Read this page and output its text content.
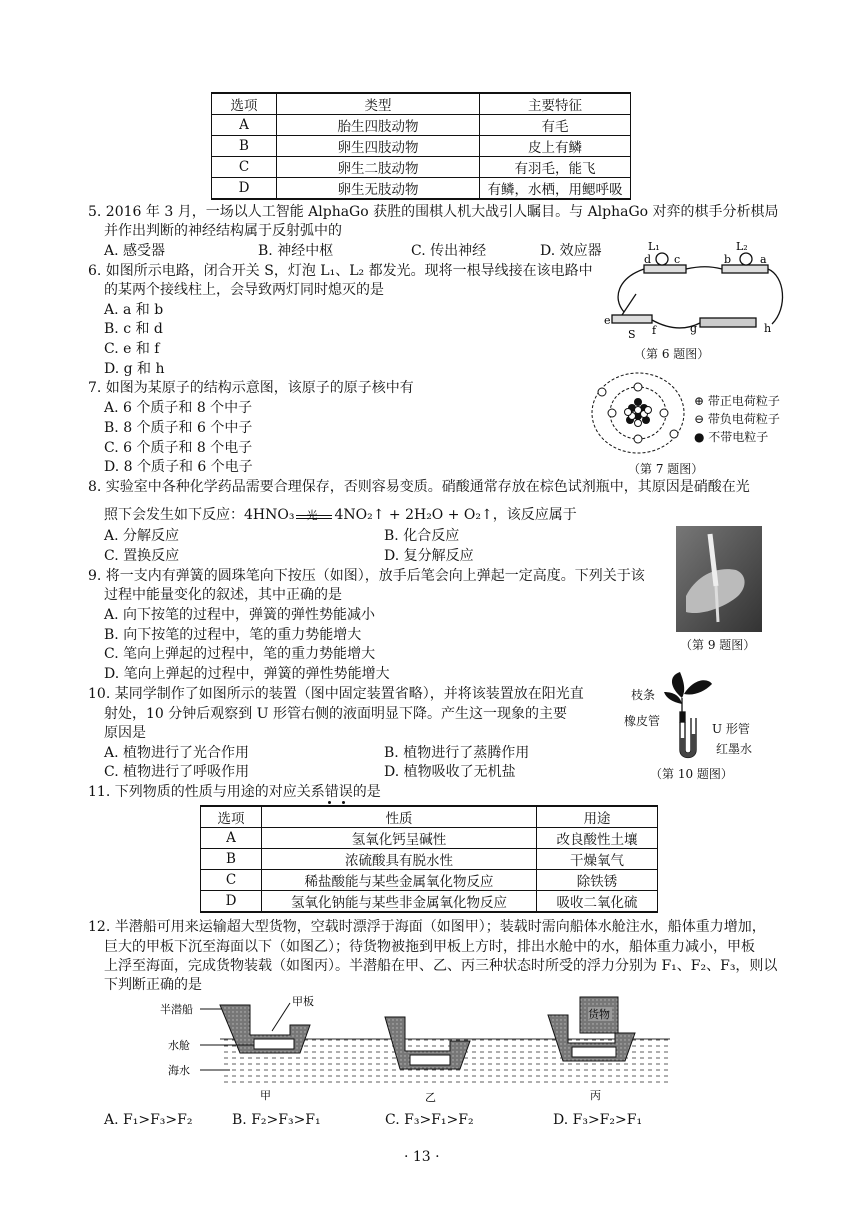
选项	类型	主要特征
A	胎生四肢动物	有毛
B	卵生四肢动物	皮上有鳞
C	卵生二肢动物	有羽毛，能飞
D	卵生无肢动物	有鳞，水栖，用鳃呼吸
5. 2016 年 3 月，一场以人工智能 AlphaGo 获胜的围棋人机大战引人瞩目。与 AlphaGo 对弈的棋手分析棋局
并作出判断的神经结构属于反射弧中的
A. 感受器	B. 神经中枢	C. 传出神经	D. 效应器
6. 如图所示电路，闭合开关 S，灯泡 L₁、L₂ 都发光。现将一根导线接在该电路中
的某两个接线柱上，会导致两灯同时熄灭的是
A. a 和 b
B. c 和 d
C. e 和 f
D. g 和 h
L₁	L₂
d c	b	a
e
f	g	h
S
（第 6 题图）
7. 如图为某原子的结构示意图，该原子的原子核中有
A. 6 个质子和 8 个中子
B. 8 个质子和 6 个中子
C. 6 个质子和 8 个电子
D. 8 个质子和 6 个电子
⊕ 带正电荷粒子
⊖ 带负电荷粒子
● 不带电粒子
（第 7 题图）
8. 实验室中各种化学药品需要合理保存，否则容易变质。硝酸通常存放在棕色试剂瓶中，其原因是硝酸在光
照下会发生如下反应：4HNO₃ 光 4NO₂↑ + 2H₂O + O₂↑，该反应属于
A. 分解反应	B. 化合反应
C. 置换反应	D. 复分解反应
9. 将一支内有弹簧的圆珠笔向下按压（如图），放手后笔会向上弹起一定高度。下列关于该
过程中能量变化的叙述，其中正确的是
A. 向下按笔的过程中，弹簧的弹性势能减小
B. 向下按笔的过程中，笔的重力势能增大
C. 笔向上弹起的过程中，笔的重力势能增大
D. 笔向上弹起的过程中，弹簧的弹性势能增大
（第 9 题图）
10. 某同学制作了如图所示的装置（图中固定装置省略），并将该装置放在阳光直
射处，10 分钟后观察到 U 形管右侧的液面明显下降。产生这一现象的主要
原因是
A. 植物进行了光合作用	B. 植物进行了蒸腾作用
C. 植物进行了呼吸作用	D. 植物吸收了无机盐
枝条
橡皮管
U 形管
红墨水
（第 10 题图）
11. 下列物质的性质与用途的对应关系错误的是
选项	性质	用途
A	氢氧化钙呈碱性	改良酸性土壤
B	浓硫酸具有脱水性	干燥氧气
C	稀盐酸能与某些金属氧化物反应	除铁锈
D	氢氧化钠能与某些非金属氧化物反应	吸收二氧化硫
12. 半潜船可用来运输超大型货物，空载时漂浮于海面（如图甲）；装载时需向船体水舱注水，船体重力增加，
巨大的甲板下沉至海面以下（如图乙）；待货物被拖到甲板上方时，排出水舱中的水，船体重力减小，甲板
上浮至海面，完成货物装载（如图丙）。半潜船在甲、乙、丙三种状态时所受的浮力分别为 F₁、F₂、F₃，则以
下判断正确的是
半潜船
甲板
水舱
海水
货物
甲	乙	丙
A. F₁>F₃>F₂	B. F₂>F₃>F₁	C. F₃>F₁>F₂	D. F₃>F₂>F₁
· 13 ·
